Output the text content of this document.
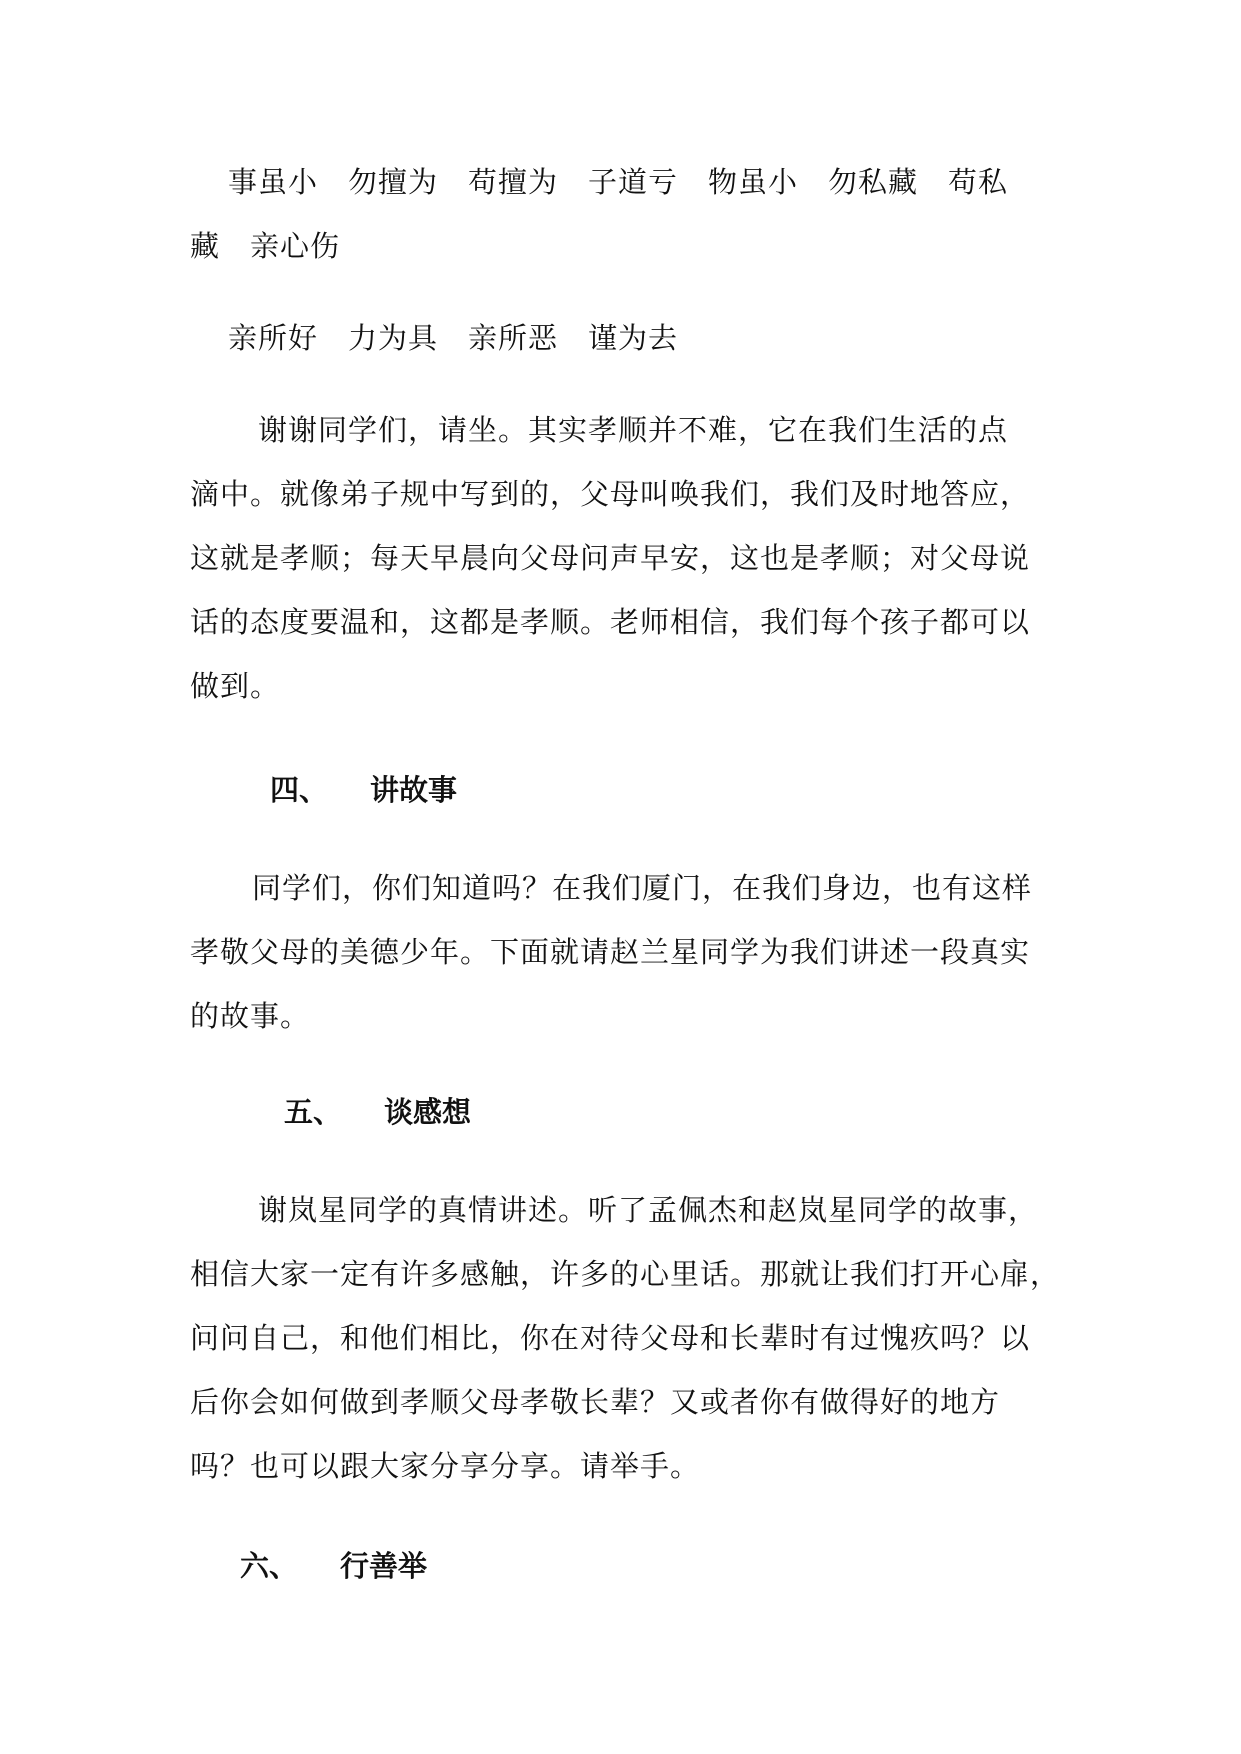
事虽小　勿擅为　苟擅为　子道亏　物虽小　勿私藏　苟私
藏　亲心伤
亲所好　力为具　亲所恶　谨为去
谢谢同学们，请坐。其实孝顺并不难，它在我们生活的点
滴中。就像弟子规中写到的，父母叫唤我们，我们及时地答应，
这就是孝顺；每天早晨向父母问声早安，这也是孝顺；对父母说
话的态度要温和，这都是孝顺。老师相信，我们每个孩子都可以
做到。
四、 讲故事
同学们，你们知道吗？在我们厦门，在我们身边，也有这样
孝敬父母的美德少年。下面就请赵兰星同学为我们讲述一段真实
的故事。
五、 谈感想
谢岚星同学的真情讲述。听了孟佩杰和赵岚星同学的故事，
相信大家一定有许多感触，许多的心里话。那就让我们打开心扉，
问问自己，和他们相比，你在对待父母和长辈时有过愧疚吗？以
后你会如何做到孝顺父母孝敬长辈？又或者你有做得好的地方
吗？也可以跟大家分享分享。请举手。
六、 行善举
